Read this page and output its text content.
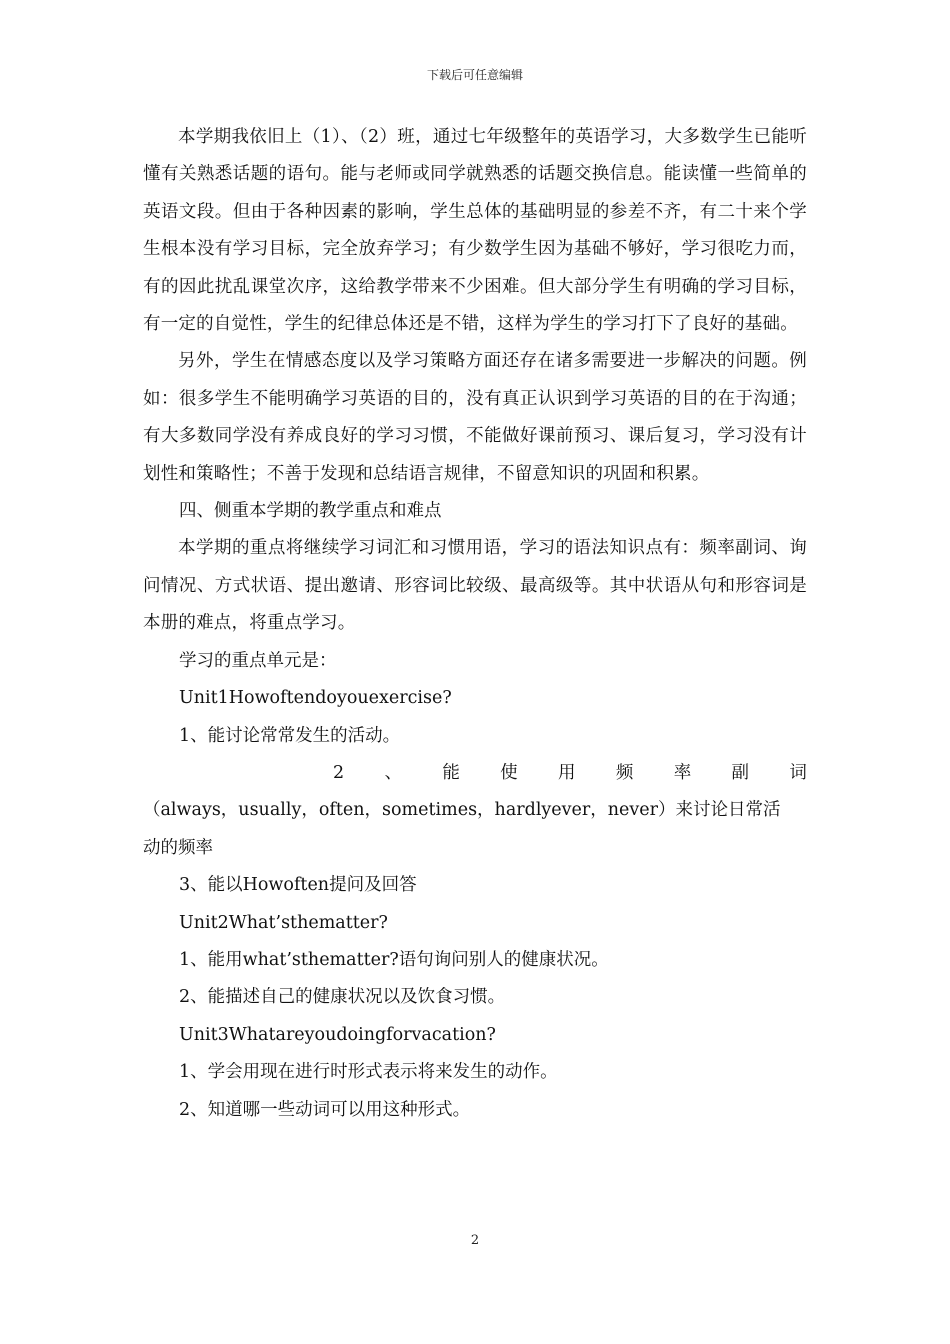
下载后可任意编辑

本学期我依旧上（1）、（2）班，通过七年级整年的英语学习，大多数学生已能听懂有关熟悉话题的语句。能与老师或同学就熟悉的话题交换信息。能读懂一些简单的英语文段。但由于各种因素的影响，学生总体的基础明显的参差不齐，有二十来个学生根本没有学习目标，完全放弃学习；有少数学生因为基础不够好，学习很吃力而，有的因此扰乱课堂次序，这给教学带来不少困难。但大部分学生有明确的学习目标，有一定的自觉性，学生的纪律总体还是不错，这样为学生的学习打下了良好的基础。

另外，学生在情感态度以及学习策略方面还存在诸多需要进一步解决的问题。例如：很多学生不能明确学习英语的目的，没有真正认识到学习英语的目的在于沟通；有大多数同学没有养成良好的学习习惯，不能做好课前预习、课后复习，学习没有计划性和策略性；不善于发现和总结语言规律，不留意知识的巩固和积累。

四、侧重本学期的教学重点和难点

本学期的重点将继续学习词汇和习惯用语，学习的语法知识点有：频率副词、询问情况、方式状语、提出邀请、形容词比较级、最高级等。其中状语从句和形容词是本册的难点，将重点学习。

学习的重点单元是：

Unit1Howoftendoyouexercise?

1、能讨论常常发生的活动。

2 、 能 使 用 频 率 副 词

（always，usually，often，sometimes，hardlyever，never）来讨论日常活

动的频率

3、能以Howoften提问及回答

Unit2What’sthematter?

1、能用what’sthematter?语句询问别人的健康状况。

2、能描述自己的健康状况以及饮食习惯。

Unit3Whatareyoudoingforvacation?

1、学会用现在进行时形式表示将来发生的动作。

2、知道哪一些动词可以用这种形式。

2
